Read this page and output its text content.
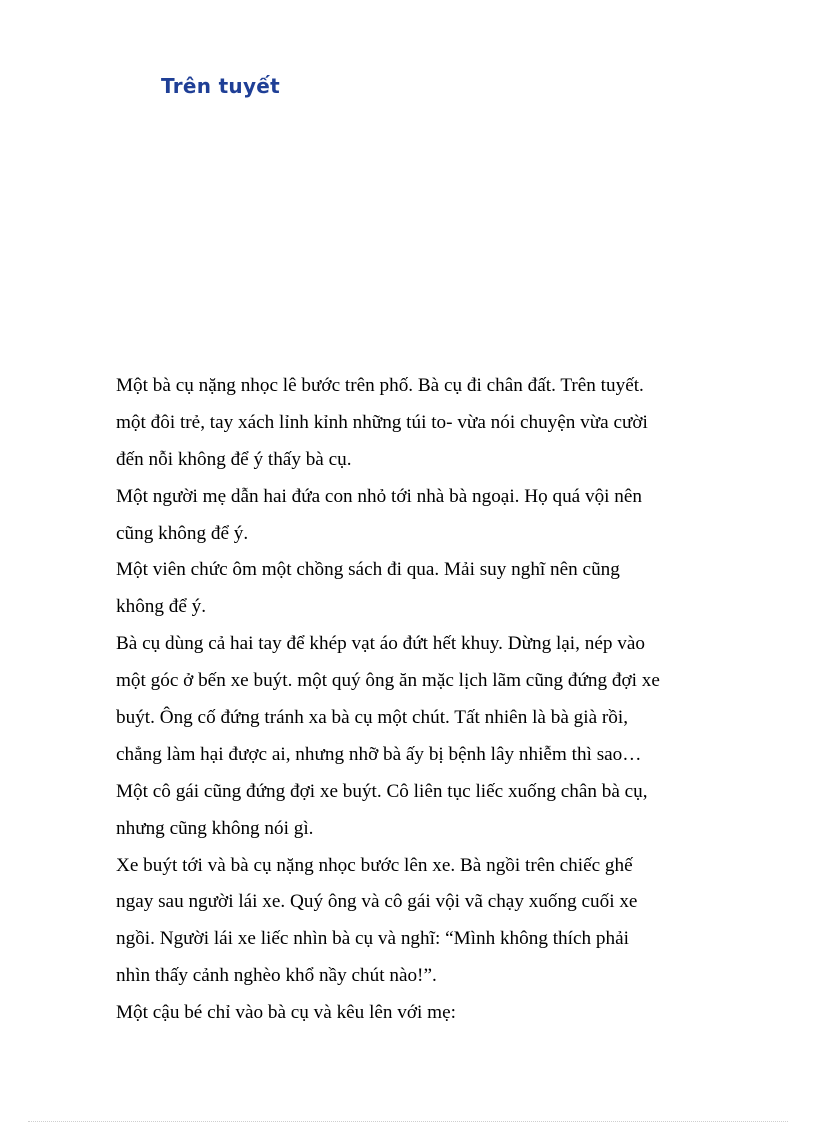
Trên tuyết
Một bà cụ nặng nhọc lê bước trên phố. Bà cụ đi chân đất. Trên tuyết.
một đôi trẻ, tay xách lỉnh kỉnh những túi to- vừa nói chuyện vừa cười
đến nỗi không để ý thấy bà cụ.
Một người mẹ dẫn hai đứa con nhỏ tới nhà bà ngoại. Họ quá vội nên
cũng không để ý.
Một viên chức ôm một chồng sách đi qua. Mải suy nghĩ nên cũng
không để ý.
Bà cụ dùng cả hai tay để khép vạt áo đứt hết khuy. Dừng lại, nép vào
một góc ở bến xe buýt. một quý ông ăn mặc lịch lãm cũng đứng đợi xe
buýt. Ông cố đứng tránh xa bà cụ một chút. Tất nhiên là bà già rồi,
chẳng làm hại được ai, nhưng nhỡ bà ấy bị bệnh lây nhiễm thì sao…
Một cô gái cũng đứng đợi xe buýt. Cô liên tục liếc xuống chân bà cụ,
nhưng cũng không nói gì.
Xe buýt tới và bà cụ nặng nhọc bước lên xe. Bà ngồi trên chiếc ghế
ngay sau người lái xe. Quý ông và cô gái vội vã chạy xuống cuối xe
ngồi. Người lái xe liếc nhìn bà cụ và nghĩ: “Mình không thích phải
nhìn thấy cảnh nghèo khổ nầy chút nào!”.
Một cậu bé chỉ vào bà cụ và kêu lên với mẹ:
